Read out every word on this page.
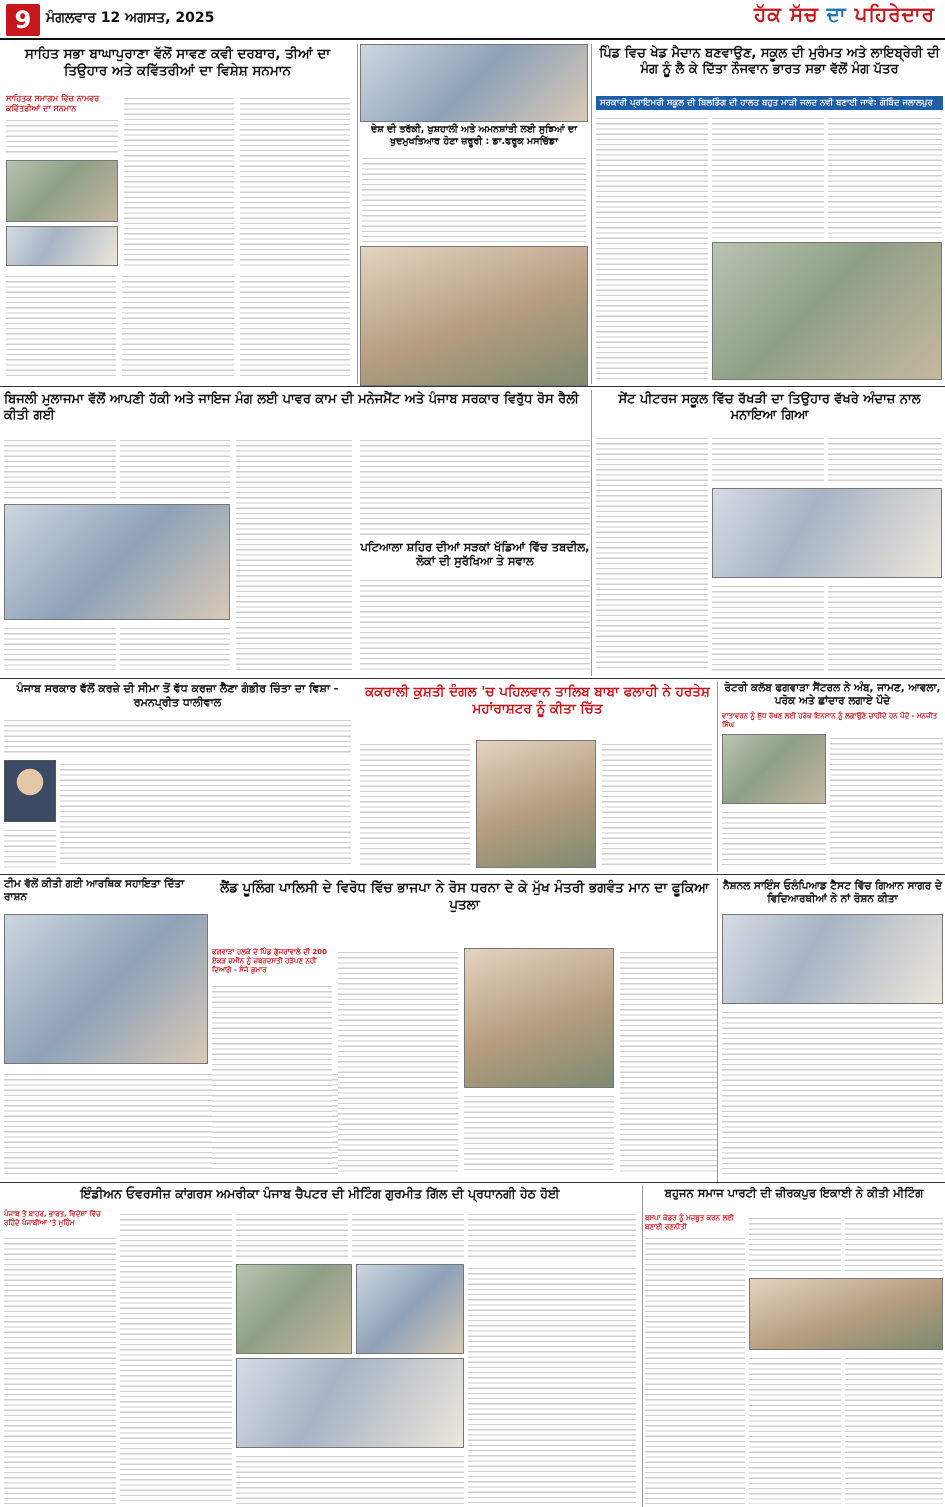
9	ਮੰਗਲਵਾਰ 12 ਅਗਸਤ, 2025	ਹੱਕ ਸੱਚ ਦਾ ਪਹਿਰੇਦਾਰ
ਸਾਹਿਤ ਸਭਾ ਬਾਘਾਪੁਰਾਣਾ ਵੱਲੋਂ ਸਾਵਣ ਕਵੀ ਦਰਬਾਰ, ਤੀਆਂ ਦਾ ਤਿਉਹਾਰ ਅਤੇ ਕਵਿੱਤਰੀਆਂ ਦਾ ਵਿਸ਼ੇਸ਼ ਸਨਮਾਨ
ਸਾਹਿਤਕ ਸਮਾਗਮ ਵਿੱਚ ਨਾਮਵਰ ਕਵਿੱਤਰੀਆਂ ਦਾ ਸਨਮਾਨ
ਦੇਸ਼ ਦੀ ਤਰੱਕੀ, ਖੁਸ਼ਹਾਲੀ ਅਤੇ ਅਮਨਸ਼ਾਂਤੀ ਲਈ ਸੁਝਿਆਂ ਦਾ ਖੁਦਮੁਖਤਿਆਰ ਹੋਣਾ ਜ਼ਰੂਰੀ : ਡਾ.ਫਰੂਕ ਮਸਚਿੱਡਾ
ਪਿੰਡ ਵਿਚ ਖੇਡ ਮੈਦਾਨ ਬਣਵਾਉਣ, ਸਕੂਲ ਦੀ ਮੁਰੰਮਤ ਅਤੇ ਲਾਇਬ੍ਰੇਰੀ ਦੀ ਮੰਗ ਨੂੰ ਲੈ ਕੇ ਦਿੱਤਾ ਨੌਜਵਾਨ ਭਾਰਤ ਸਭਾ ਵੱਲੋਂ ਮੰਗ ਪੱਤਰ
ਸਰਕਾਰੀ ਪ੍ਰਾਇਮਰੀ ਸਕੂਲ ਦੀ ਬਿਲਡਿੰਗ ਦੀ ਹਾਲਤ ਬਹੁਤ ਮਾੜੀ ਜਲਦ ਨਵੀ ਬਣਾਈ ਜਾਵੇ: ਗੋਬਿੰਦ ਜਲਾਲਪੁਰ
ਬਿਜਲੀ ਮੁਲਾਜਮਾ ਵੱਲੋਂ ਆਪਣੀ ਹੱਕੀ ਅਤੇ ਜਾਇਜ ਮੰਗ ਲਈ ਪਾਵਰ ਕਾਮ ਦੀ ਮਨੇਜਮੈਂਟ ਅਤੇ ਪੰਜਾਬ ਸਰਕਾਰ ਵਿਰੁੱਧ ਰੋਸ ਰੈਲੀ ਕੀਤੀ ਗਈ
ਪਟਿਆਲਾ ਸ਼ਹਿਰ ਦੀਆਂ ਸੜਕਾਂ ਖੱਡਿਆਂ ਵਿੱਚ ਤਬਦੀਲ, ਲੋਕਾਂ ਦੀ ਸੁਰੱਖਿਆ ਤੇ ਸਵਾਲ
ਸੇਂਟ ਪੀਟਰਜ ਸਕੂਲ ਵਿੱਚ ਰੱਖੜੀ ਦਾ ਤਿਉਹਾਰ ਵੱਖਰੇ ਅੰਦਾਜ਼ ਨਾਲ ਮਨਾਇਆ ਗਿਆ
ਪੰਜਾਬ ਸਰਕਾਰ ਵੱਲੋਂ ਕਰਜ਼ੇ ਦੀ ਸੀਮਾ ਤੋਂ ਵੱਧ ਕਰਜ਼ਾ ਲੈਣਾ ਗੰਭੀਰ ਚਿੰਤਾ ਦਾ ਵਿਸ਼ਾ - ਰਮਨਪ੍ਰੀਤ ਧਾਲੀਵਾਲ
ਕਕਰਾਲੀ ਕੁਸ਼ਤੀ ਦੰਗਲ 'ਚ ਪਹਿਲਵਾਨ ਤਾਲਿਬ ਬਾਬਾ ਫਲਾਹੀ ਨੇ ਹਰਤੇਸ਼ ਮਹਾਂਰਾਸ਼ਟਰ ਨੂੰ ਕੀਤਾ ਚਿੱਤ
ਰੋਟਰੀ ਕਲੱਬ ਫਗਵਾੜਾ ਸੈਂਟਰਲ ਨੇ ਅੰਬ, ਜਾਮਣ, ਆਵਲਾ, ਪਰੋਕ ਅਤੇ ਛਾਂਦਾਰ ਲਗਾਏ ਪੌਦੇ
ਵਾਤਾਵਰਨ ਨੂੰ ਸ਼ੁੱਧ ਰੱਖਣ ਲਈ ਹਰੇਕ ਇਨਸਾਨ ਨੂੰ ਲਗਾਉਣੇ ਚਾਹੀਦੇ ਹਨ ਪੌਦੇ - ਮਨਜੀਤ ਸਿੰਘ
ਟੀਮ ਵੱਲੋਂ ਕੀਤੀ ਗਈ ਆਰਥਿਕ ਸਹਾਇਤਾ ਦਿੱਤਾ ਰਾਸ਼ਨ
ਲੈਂਡ ਪੂਲਿੰਗ ਪਾਲਿਸੀ ਦੇ ਵਿਰੋਧ ਵਿੱਚ ਭਾਜਪਾ ਨੇ ਰੋਸ ਧਰਨਾ ਦੇ ਕੇ ਮੁੱਖ ਮੰਤਰੀ ਭਗਵੰਤ ਮਾਨ ਦਾ ਫੂਕਿਆ ਪੁਤਲਾ
ਫਗਵਾੜਾ ਹਲਕੇ ਦੇ ਪਿੰਡ ਗੁੱਜਰਾਂਵਾਲੇ ਦੀ 200 ਏਕੜ ਜ਼ਮੀਨ ਨੂੰ ਜ਼ਬਰਦਸਤੀ ਹੜੱਪਣ ਨਹੀਂ ਦਿਆਂਗੇ - ਸੰਜੇ ਕੁਮਾਰ
ਨੈਸ਼ਨਲ ਸਾਇੰਸ ਓਲੰਪਿਆਡ ਟੈਸਟ ਵਿੱਚ ਗਿਆਨ ਸਾਗਰ ਦੇ ਵਿਦਿਆਰਥੀਆਂ ਨੇ ਨਾਂ ਰੋਸ਼ਨ ਕੀਤਾ
ਇੰਡੀਅਨ ਓਵਰਸੀਜ਼ ਕਾਂਗਰਸ ਅਮਰੀਕਾ ਪੰਜਾਬ ਚੈਪਟਰ ਦੀ ਮੀਟਿੰਗ ਗੁਰਮੀਤ ਗਿੱਲ ਦੀ ਪ੍ਰਧਾਨਗੀ ਹੇਠ ਹੋਈ
ਪੰਜਾਬ ਤੋਂ ਬਾਹਰ, ਭਾਰਤ, ਵਿਦੇਸ਼ਾਂ ਵਿੱਚ ਰਹਿੰਦੇ ਪੰਜਾਬੀਆਂ 'ਤੇ ਮੁਹਿੰਮ
ਬਹੁਜਨ ਸਮਾਜ ਪਾਰਟੀ ਦੀ ਜ਼ੀਰਕਪੁਰ ਇਕਾਈ ਨੇ ਕੀਤੀ ਮੀਟਿੰਗ
ਬਸਪਾ ਕੇਡਰ ਨੂੰ ਮਜ਼ਬੂਤ ਕਰਨ ਲਈ ਬਣਾਈ ਰਣਨੀਤੀ
